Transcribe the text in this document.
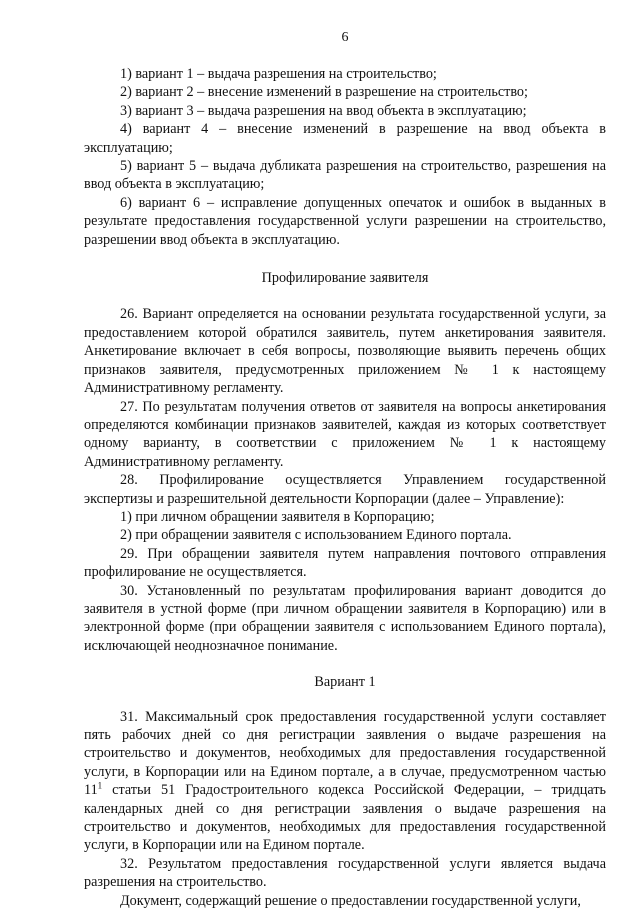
6

1) вариант 1 – выдача разрешения на строительство;

2) вариант 2 – внесение изменений в разрешение на строительство;

3) вариант 3 – выдача разрешения на ввод объекта в эксплуатацию;

4) вариант 4 – внесение изменений в разрешение на ввод объекта в эксплуатацию;

5) вариант 5 – выдача дубликата разрешения на строительство, разрешения на ввод объекта в эксплуатацию;

6) вариант 6 – исправление допущенных опечаток и ошибок в выданных в результате предоставления государственной услуги разрешении на строительство, разрешении ввод объекта в эксплуатацию.

Профилирование заявителя

26. Вариант определяется на основании результата государственной услуги, за предоставлением которой обратился заявитель, путем анкетирования заявителя. Анкетирование включает в себя вопросы, позволяющие выявить перечень общих признаков заявителя, предусмотренных приложением № 1 к настоящему Административному регламенту.

27. По результатам получения ответов от заявителя на вопросы анкетирования определяются комбинации признаков заявителей, каждая из которых соответствует одному варианту, в соответствии с приложением № 1 к настоящему Административному регламенту.

28. Профилирование осуществляется Управлением государственной экспертизы и разрешительной деятельности Корпорации (далее – Управление):

1) при личном обращении заявителя в Корпорацию;

2) при обращении заявителя с использованием Единого портала.

29. При обращении заявителя путем направления почтового отправления профилирование не осуществляется.

30. Установленный по результатам профилирования вариант доводится до заявителя в устной форме (при личном обращении заявителя в Корпорацию) или в электронной форме (при обращении заявителя с использованием Единого портала), исключающей неоднозначное понимание.

Вариант 1

31. Максимальный срок предоставления государственной услуги составляет пять рабочих дней со дня регистрации заявления о выдаче разрешения на строительство и документов, необходимых для предоставления государственной услуги, в Корпорации или на Едином портале, а в случае, предусмотренном частью $11^1$ статьи 51 Градостроительного кодекса Российской Федерации, – тридцать календарных дней со дня регистрации заявления о выдаче разрешения на строительство и документов, необходимых для предоставления государственной услуги, в Корпорации или на Едином портале.

32. Результатом предоставления государственной услуги является выдача разрешения на строительство.

Документ, содержащий решение о предоставлении государственной услуги,
